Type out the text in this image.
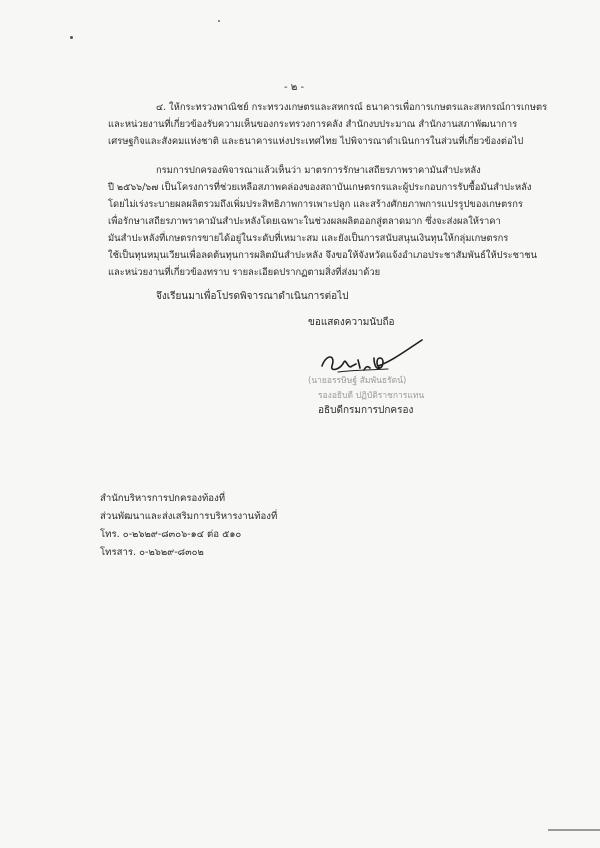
- ๒ -
๔. ให้กระทรวงพาณิชย์ กระทรวงเกษตรและสหกรณ์ ธนาคารเพื่อการเกษตรและสหกรณ์การเกษตร
และหน่วยงานที่เกี่ยวข้องรับความเห็นของกระทรวงการคลัง สำนักงบประมาณ สำนักงานสภาพัฒนาการ
เศรษฐกิจและสังคมแห่งชาติ และธนาคารแห่งประเทศไทย ไปพิจารณาดำเนินการในส่วนที่เกี่ยวข้องต่อไป
กรมการปกครองพิจารณาแล้วเห็นว่า มาตรการรักษาเสถียรภาพราคามันสำปะหลัง
ปี ๒๕๖๖/๖๗ เป็นโครงการที่ช่วยเหลือสภาพคล่องของสถาบันเกษตรกรและผู้ประกอบการรับซื้อมันสำปะหลัง
โดยไม่เร่งระบายผลผลิตรวมถึงเพิ่มประสิทธิภาพการเพาะปลูก และสร้างศักยภาพการแปรรูปของเกษตรกร
เพื่อรักษาเสถียรภาพราคามันสำปะหลังโดยเฉพาะในช่วงผลผลิตออกสู่ตลาดมาก ซึ่งจะส่งผลให้ราคา
มันสำปะหลังที่เกษตรกรขายได้อยู่ในระดับที่เหมาะสม และยังเป็นการสนับสนุนเงินทุนให้กลุ่มเกษตรกร
ใช้เป็นทุนหมุนเวียนเพื่อลดต้นทุนการผลิตมันสำปะหลัง จึงขอให้จังหวัดแจ้งอำเภอประชาสัมพันธ์ให้ประชาชน
และหน่วยงานที่เกี่ยวข้องทราบ รายละเอียดปรากฏตามสิ่งที่ส่งมาด้วย
จึงเรียนมาเพื่อโปรดพิจารณาดำเนินการต่อไป
ขอแสดงความนับถือ
(นายอรรษิษฐ์ สัมพันธรัตน์)
รองอธิบดี ปฏิบัติราชการแทน
อธิบดีกรมการปกครอง
สำนักบริหารการปกครองท้องที่
ส่วนพัฒนาและส่งเสริมการบริหารงานท้องที่
โทร. ๐-๒๖๒๙-๘๓๐๖-๑๔ ต่อ ๕๑๐
โทรสาร. ๐-๒๖๒๙-๘๓๐๒
